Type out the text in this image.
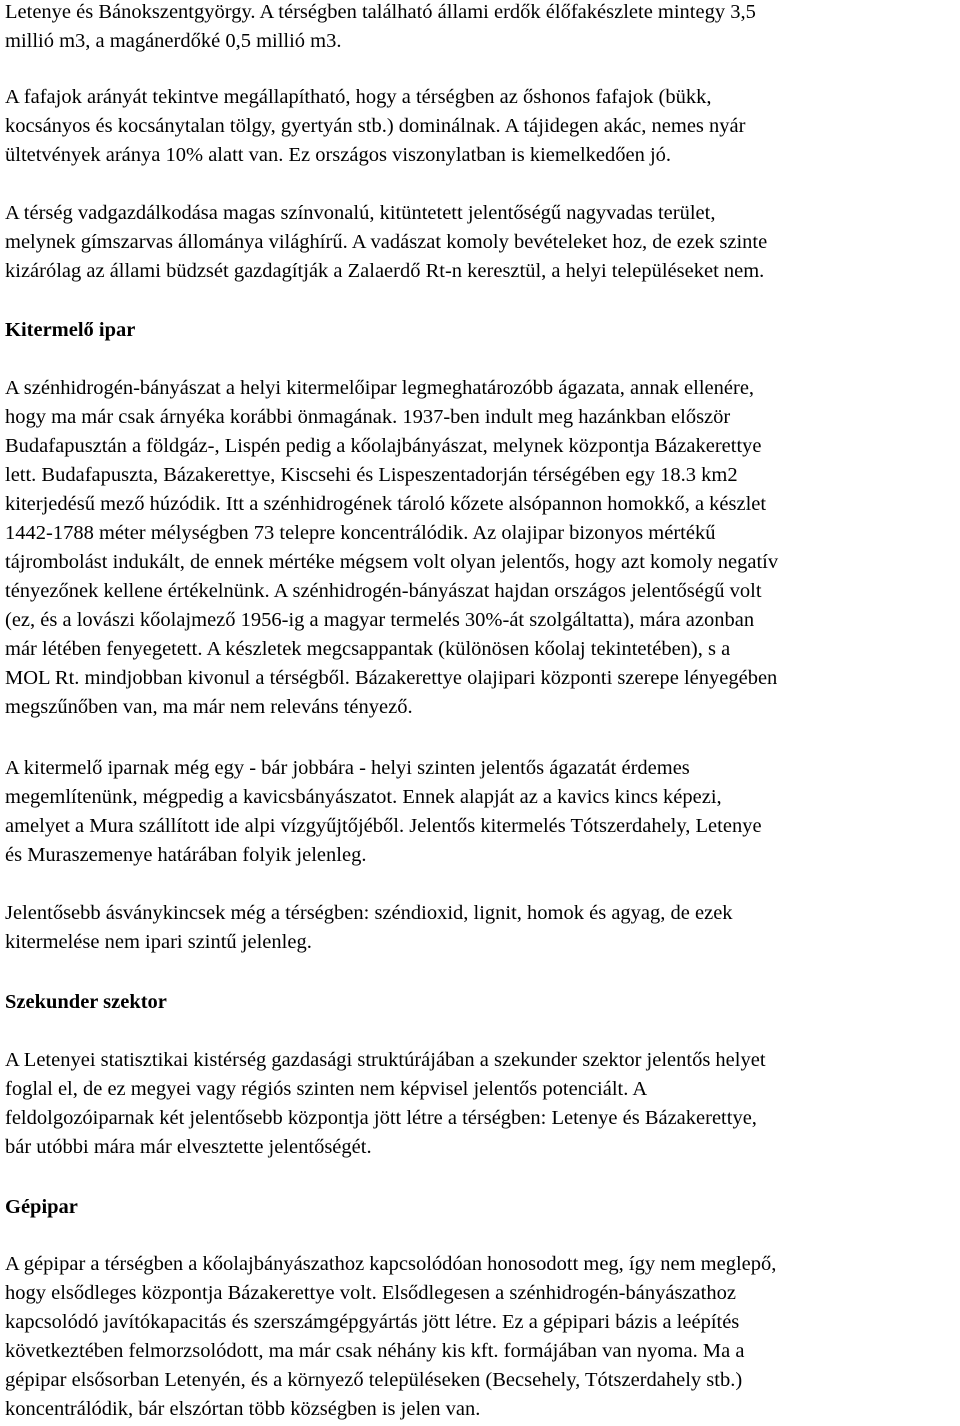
Letenye és Bánokszentgyörgy. A térségben található állami erdők élőfakészlete mintegy 3,5
millió m3, a magánerdőké 0,5 millió m3.
A fafajok arányát tekintve megállapítható, hogy a térségben az őshonos fafajok (bükk,
kocsányos és kocsánytalan tölgy, gyertyán stb.) dominálnak. A tájidegen akác, nemes nyár
ültetvények aránya 10% alatt van. Ez országos viszonylatban is kiemelkedően jó.
A térség vadgazdálkodása magas színvonalú, kitüntetett jelentőségű nagyvadas terület,
melynek gímszarvas állománya világhírű. A vadászat komoly bevételeket hoz, de ezek szinte
kizárólag az állami büdzsét gazdagítják a Zalaerdő Rt-n keresztül, a helyi településeket nem.
Kitermelő ipar
A szénhidrogén-bányászat a helyi kitermelőipar legmeghatározóbb ágazata, annak ellenére,
hogy ma már csak árnyéka korábbi önmagának. 1937-ben indult meg hazánkban először
Budafapusztán a földgáz-, Lispén pedig a kőolajbányászat, melynek központja Bázakerettye
lett. Budafapuszta, Bázakerettye, Kiscsehi és Lispeszentadorján térségében egy 18.3 km2
kiterjedésű mező húzódik. Itt a szénhidrogének tároló kőzete alsópannon homokkő, a készlet
1442-1788 méter mélységben 73 telepre koncentrálódik. Az olajipar bizonyos mértékű
tájrombolást indukált, de ennek mértéke mégsem volt olyan jelentős, hogy azt komoly negatív
tényezőnek kellene értékelnünk. A szénhidrogén-bányászat hajdan országos jelentőségű volt
(ez, és a lovászi kőolajmező 1956-ig a magyar termelés 30%-át szolgáltatta), mára azonban
már létében fenyegetett. A készletek megcsappantak (különösen kőolaj tekintetében), s a
MOL Rt. mindjobban kivonul a térségből. Bázakerettye olajipari központi szerepe lényegében
megszűnőben van, ma már nem releváns tényező.
A kitermelő iparnak még egy - bár jobbára - helyi szinten jelentős ágazatát érdemes
megemlítenünk, mégpedig a kavicsbányászatot. Ennek alapját az a kavics kincs képezi,
amelyet a Mura szállított ide alpi vízgyűjtőjéből. Jelentős kitermelés Tótszerdahely, Letenye
és Muraszemenye határában folyik jelenleg.
Jelentősebb ásványkincsek még a térségben: széndioxid, lignit, homok és agyag, de ezek
kitermelése nem ipari szintű jelenleg.
Szekunder szektor
A Letenyei statisztikai kistérség gazdasági struktúrájában a szekunder szektor jelentős helyet
foglal el, de ez megyei vagy régiós szinten nem képvisel jelentős potenciált. A
feldolgozóiparnak két jelentősebb központja jött létre a térségben: Letenye és Bázakerettye,
bár utóbbi mára már elvesztette jelentőségét.
Gépipar
A gépipar a térségben a kőolajbányászathoz kapcsolódóan honosodott meg, így nem meglepő,
hogy elsődleges központja Bázakerettye volt. Elsődlegesen a szénhidrogén-bányászathoz
kapcsolódó javítókapacitás és szerszámgépgyártás jött létre. Ez a gépipari bázis a leépítés
következtében felmorzsolódott, ma már csak néhány kis kft. formájában van nyoma. Ma a
gépipar elsősorban Letenyén, és a környező településeken (Becsehely, Tótszerdahely stb.)
koncentrálódik, bár elszórtan több községben is jelen van.
